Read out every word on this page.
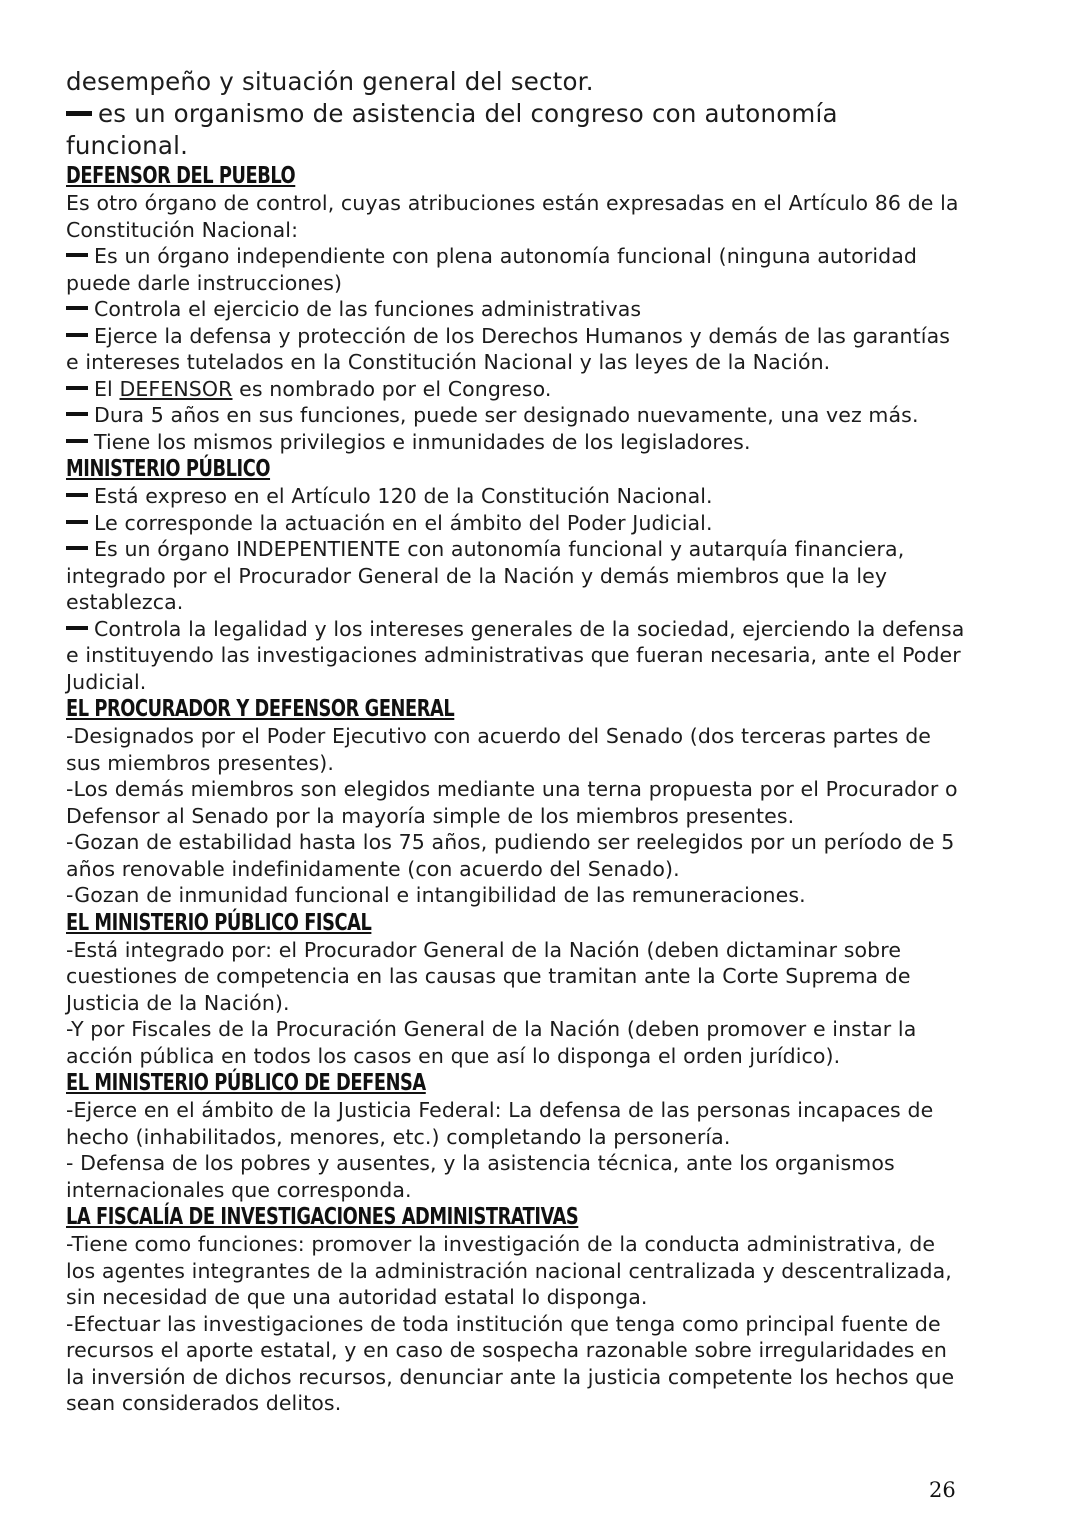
desempeño y situación general del sector.

es un organismo de asistencia del congreso con autonomía

funcional.

DEFENSOR DEL PUEBLO

Es otro órgano de control, cuyas atribuciones están expresadas en el Artículo 86 de la Constitución Nacional:

Es un órgano independiente con plena autonomía funcional (ninguna autoridad puede darle instrucciones)

Controla el ejercicio de las funciones administrativas

Ejerce la defensa y protección de los Derechos Humanos y demás de las garantías e intereses tutelados en la Constitución Nacional y las leyes de la Nación.

El DEFENSOR es nombrado por el Congreso.

Dura 5 años en sus funciones, puede ser designado nuevamente, una vez más.

Tiene los mismos privilegios e inmunidades de los legisladores.

MINISTERIO PÚBLICO

Está expreso en el Artículo 120 de la Constitución Nacional.

Le corresponde la actuación en el ámbito del Poder Judicial.

Es un órgano INDEPENTIENTE con autonomía funcional y autarquía financiera, integrado por el Procurador General de la Nación y demás miembros que la ley establezca.

Controla la legalidad y los intereses generales de la sociedad, ejerciendo la defensa e instituyendo las investigaciones administrativas que fueran necesaria, ante el Poder Judicial.

EL PROCURADOR Y DEFENSOR GENERAL

-Designados por el Poder Ejecutivo con acuerdo del Senado (dos terceras partes de sus miembros presentes).

-Los demás miembros son elegidos mediante una terna propuesta por el Procurador o Defensor al Senado por la mayoría simple de los miembros presentes.

-Gozan de estabilidad hasta los 75 años, pudiendo ser reelegidos por un período de 5 años renovable indefinidamente (con acuerdo del Senado).

-Gozan de inmunidad funcional e intangibilidad de las remuneraciones.

EL MINISTERIO PÚBLICO FISCAL

-Está integrado por: el Procurador General de la Nación (deben dictaminar sobre cuestiones de competencia en las causas que tramitan ante la Corte Suprema de Justicia de la Nación).

-Y por Fiscales de la Procuración General de la Nación (deben promover e instar la acción pública en todos los casos en que así lo disponga el orden jurídico).

EL MINISTERIO PÚBLICO DE DEFENSA

-Ejerce en el ámbito de la Justicia Federal: La defensa de las personas incapaces de hecho (inhabilitados, menores, etc.) completando la personería.

- Defensa de los pobres y ausentes, y la asistencia técnica, ante los organismos internacionales que corresponda.

LA FISCALÍA DE INVESTIGACIONES ADMINISTRATIVAS

-Tiene como funciones: promover la investigación de la conducta administrativa, de los agentes integrantes de la administración nacional centralizada y descentralizada, sin necesidad de que una autoridad estatal lo disponga.

-Efectuar las investigaciones de toda institución que tenga como principal fuente de recursos el aporte estatal, y en caso de sospecha razonable sobre irregularidades en la inversión de dichos recursos, denunciar ante la justicia competente los hechos que sean considerados delitos.

26
